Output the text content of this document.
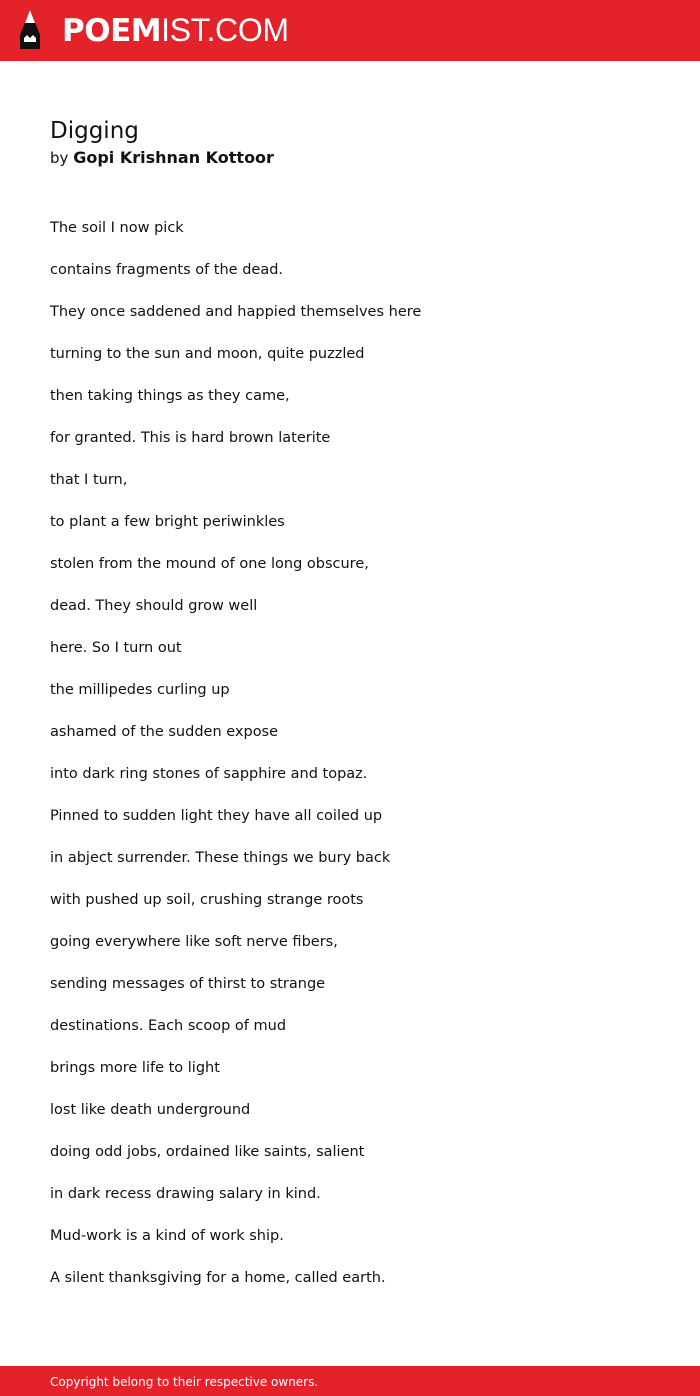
POEMIST.COM
Digging
by Gopi Krishnan Kottoor
The soil I now pick
contains fragments of the dead.
They once saddened and happied themselves here
turning to the sun and moon, quite puzzled
then taking things as they came,
for granted. This is hard brown laterite
that I turn,
to plant a few bright periwinkles
stolen from the mound of one long obscure,
dead. They should grow well
here. So I turn out
the millipedes curling up
ashamed of the sudden expose
into dark ring stones of sapphire and topaz.
Pinned to sudden light they have all coiled up
in abject surrender. These things we bury back
with pushed up soil, crushing strange roots
going everywhere like soft nerve fibers,
sending messages of thirst to strange
destinations. Each scoop of mud
brings more life to light
lost like death underground
doing odd jobs, ordained like saints, salient
in dark recess drawing salary in kind.
Mud-work is a kind of work ship.
A silent thanksgiving for a home, called earth.
Copyright belong to their respective owners.
